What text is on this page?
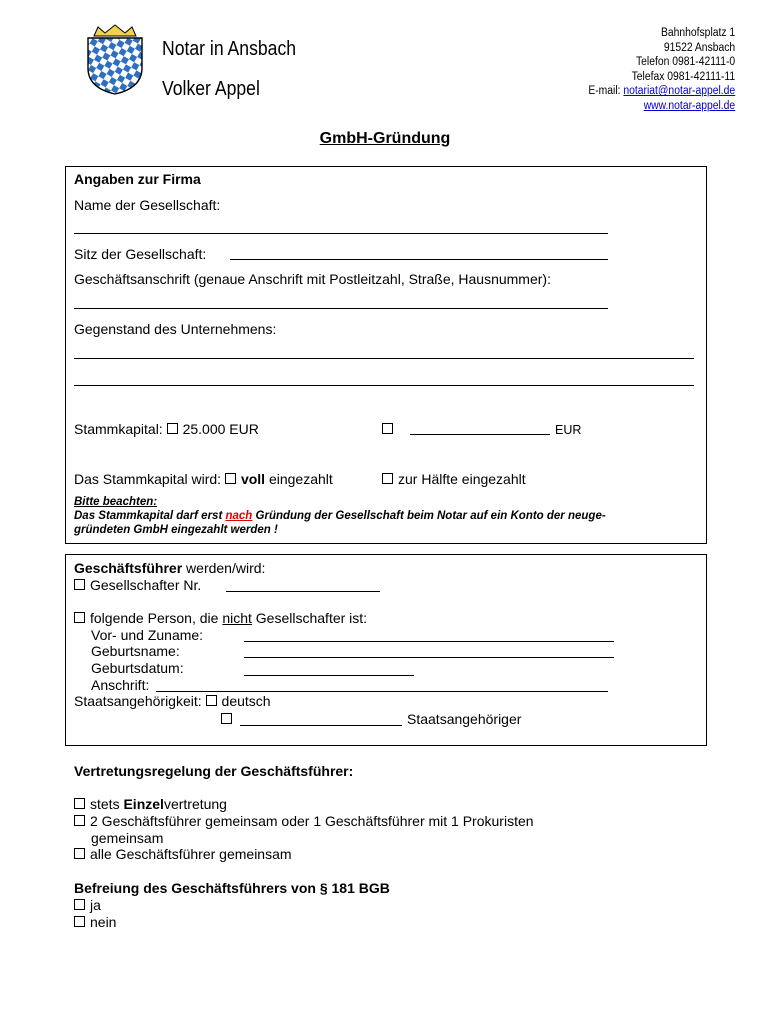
Notar in Ansbach
Volker Appel
Bahnhofsplatz 1
91522 Ansbach
Telefon 0981-42111-0
Telefax 0981-42111-11
E-mail: notariat@notar-appel.de
www.notar-appel.de
GmbH-Gründung
Angaben zur Firma
Name der Gesellschaft:
Sitz der Gesellschaft:
Geschäftsanschrift (genaue Anschrift mit Postleitzahl, Straße, Hausnummer):
Gegenstand des Unternehmens:
Stammkapital: 25.000 EUR	EUR
Das Stammkapital wird: voll eingezahlt	zur Hälfte eingezahlt
Bitte beachten:
Das Stammkapital darf erst nach Gründung der Gesellschaft beim Notar auf ein Konto der neuge-
gründeten GmbH eingezahlt werden !
Geschäftsführer werden/wird:
Gesellschafter Nr.
folgende Person, die nicht Gesellschafter ist:
Vor- und Zuname:
Geburtsname:
Geburtsdatum:
Anschrift:
Staatsangehörigkeit: deutsch
Staatsangehöriger
Vertretungsregelung der Geschäftsführer:
stets Einzelvertretung
2 Geschäftsführer gemeinsam oder 1 Geschäftsführer mit 1 Prokuristen
gemeinsam
alle Geschäftsführer gemeinsam
Befreiung des Geschäftsführers von § 181 BGB
ja
nein
